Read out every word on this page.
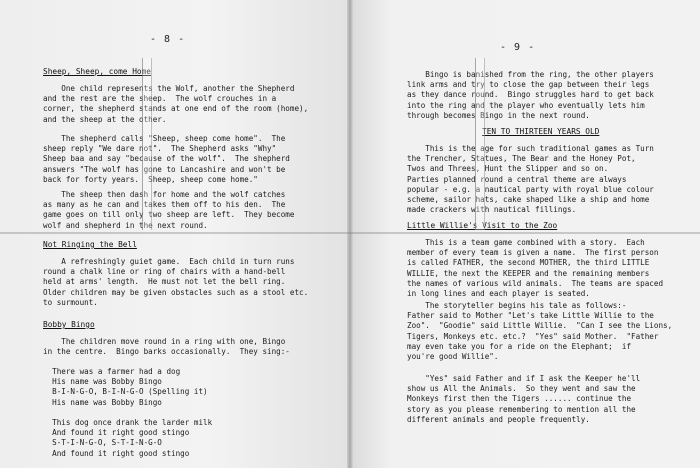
- 8 -
Sheep, Sheep, come Home
One child represents the Wolf, another the Shepherd
and the rest are the sheep.  The wolf crouches in a
corner, the shepherd stands at one end of the room (home),
and the sheep at the other.
The shepherd calls "Sheep, sheep come home".  The
sheep reply "We dare not".  The Shepherd asks "Why"
Sheep baa and say "because of the wolf".  The shepherd
answers "The wolf has gone to Lancashire and won't be
back for forty years.  Sheep, sheep come home."
The sheep then dash for home and the wolf catches
as many as he can and takes them off to his den.  The
game goes on till only two sheep are left.  They become
wolf and shepherd in the next round.
Not Ringing the Bell
A refreshingly guiet game.  Each child in turn runs
round a chalk line or ring of chairs with a hand-bell
held at arms' length.  He must not let the bell ring.
Older children may be given obstacles such as a stool etc.
to surmount.
Bobby Bingo
The children move round in a ring with one, Bingo
in the centre.  Bingo barks occasionally.  They sing:-
There was a farmer had a dog
His name was Bobby Bingo
B-I-N-G-O, B-I-N-G-O (Spelling it)
His name was Bobby Bingo
This dog once drank the larder milk
And found it right good stingo
S-T-I-N-G-O, S-T-I-N-G-O
And found it right good stingo
- 9 -
Bingo is banished from the ring, the other players
link arms and try to close the gap between their legs
as they dance round.  Bingo struggles hard to get back
into the ring and the player who eventually lets him
through becomes Bingo in the next round.
TEN TO THIRTEEN YEARS OLD
This is the age for such traditional games as Turn
the Trencher, Statues, The Bear and the Honey Pot,
Twos and Threes, Hunt the Slipper and so on.
Parties planned round a central theme are always
popular - e.g. a nautical party with royal blue colour
scheme, sailor hats, cake shaped like a ship and home
made crackers with nautical fillings.
Little Willie's Visit to the Zoo
This is a team game combined with a story.  Each
member of every team is given a name.  The first person
is called FATHER, the second MOTHER, the third LITTLE
WILLIE, the next the KEEPER and the remaining members
the names of various wild animals.  The teams are spaced
in long lines and each player is seated.
The storyteller begins his tale as follows:-
Father said to Mother "Let's take Little Willie to the
Zoo".  "Goodie" said Little Willie.  "Can I see the Lions,
Tigers, Monkeys etc. etc.?  "Yes" said Mother.  "Father
may even take you for a ride on the Elephant;  if
you're good Willie".
"Yes" said Father and if I ask the Keeper he'll
show us All the Animals.  So they went and saw the
Monkeys first then the Tigers ...... continue the
story as you please remembering to mention all the
different animals and people frequently.
